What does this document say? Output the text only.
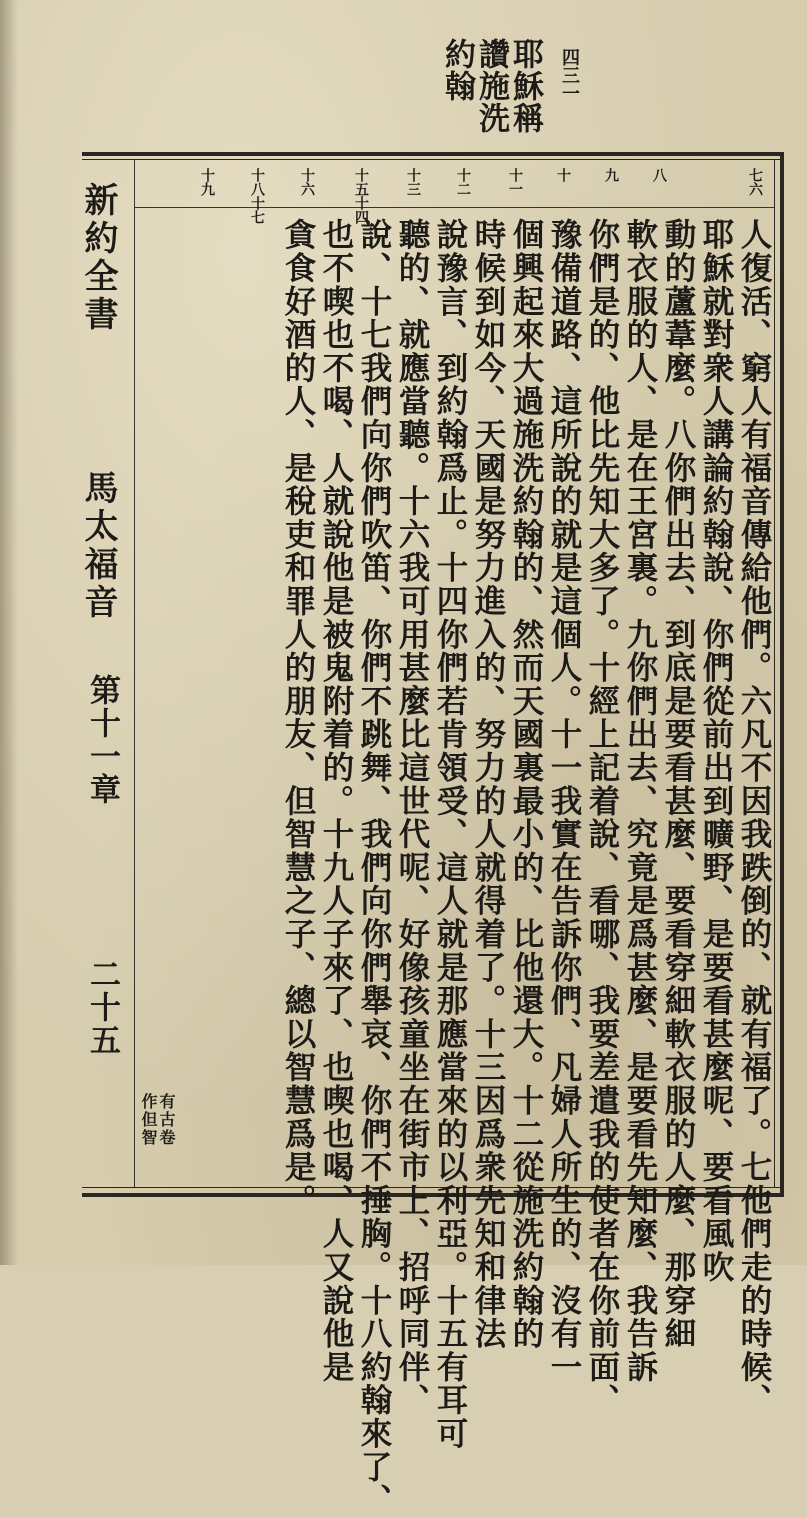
耶穌稱
讚施洗
約翰	四三一
新約全書
馬太福音
第十一章
二十五
七六
八
九
十
十一
十二
十三
十五十四
十六
十八十七
十九
人復活、窮人有福音傳給他們。六凡不因我跌倒的、就有福了。七他們走的時候、
耶穌就對衆人講論約翰說、你們從前出到曠野、是要看甚麼呢、要看風吹
動的蘆葦麼。八你們出去、到底是要看甚麼、要看穿細軟衣服的人麼、那穿細
軟衣服的人、是在王宮裏。九你們出去、究竟是爲甚麼、是要看先知麼、我告訴
你們是的、他比先知大多了。十經上記着說、看哪、我要差遣我的使者在你前面、
豫備道路、這所說的就是這個人。十一我實在告訴你們、凡婦人所生的、沒有一
個興起來大過施洗約翰的、然而天國裏最小的、比他還大。十二從施洗約翰的
時候到如今、天國是努力進入的、努力的人就得着了。十三因爲衆先知和律法
說豫言、到約翰爲止。十四你們若肯領受、這人就是那應當來的以利亞。十五有耳可
聽的、就應當聽。十六我可用甚麼比這世代呢、好像孩童坐在街市上、招呼同伴、
說、十七我們向你們吹笛、你們不跳舞、我們向你們舉哀、你們不捶胸。十八約翰來了、
也不喫也不喝、人就說他是被鬼附着的。十九人子來了、也喫也喝、人又說他是
貪食好酒的人、是稅吏和罪人的朋友、但智慧之子、總以智慧爲是。
有古卷
作但智
